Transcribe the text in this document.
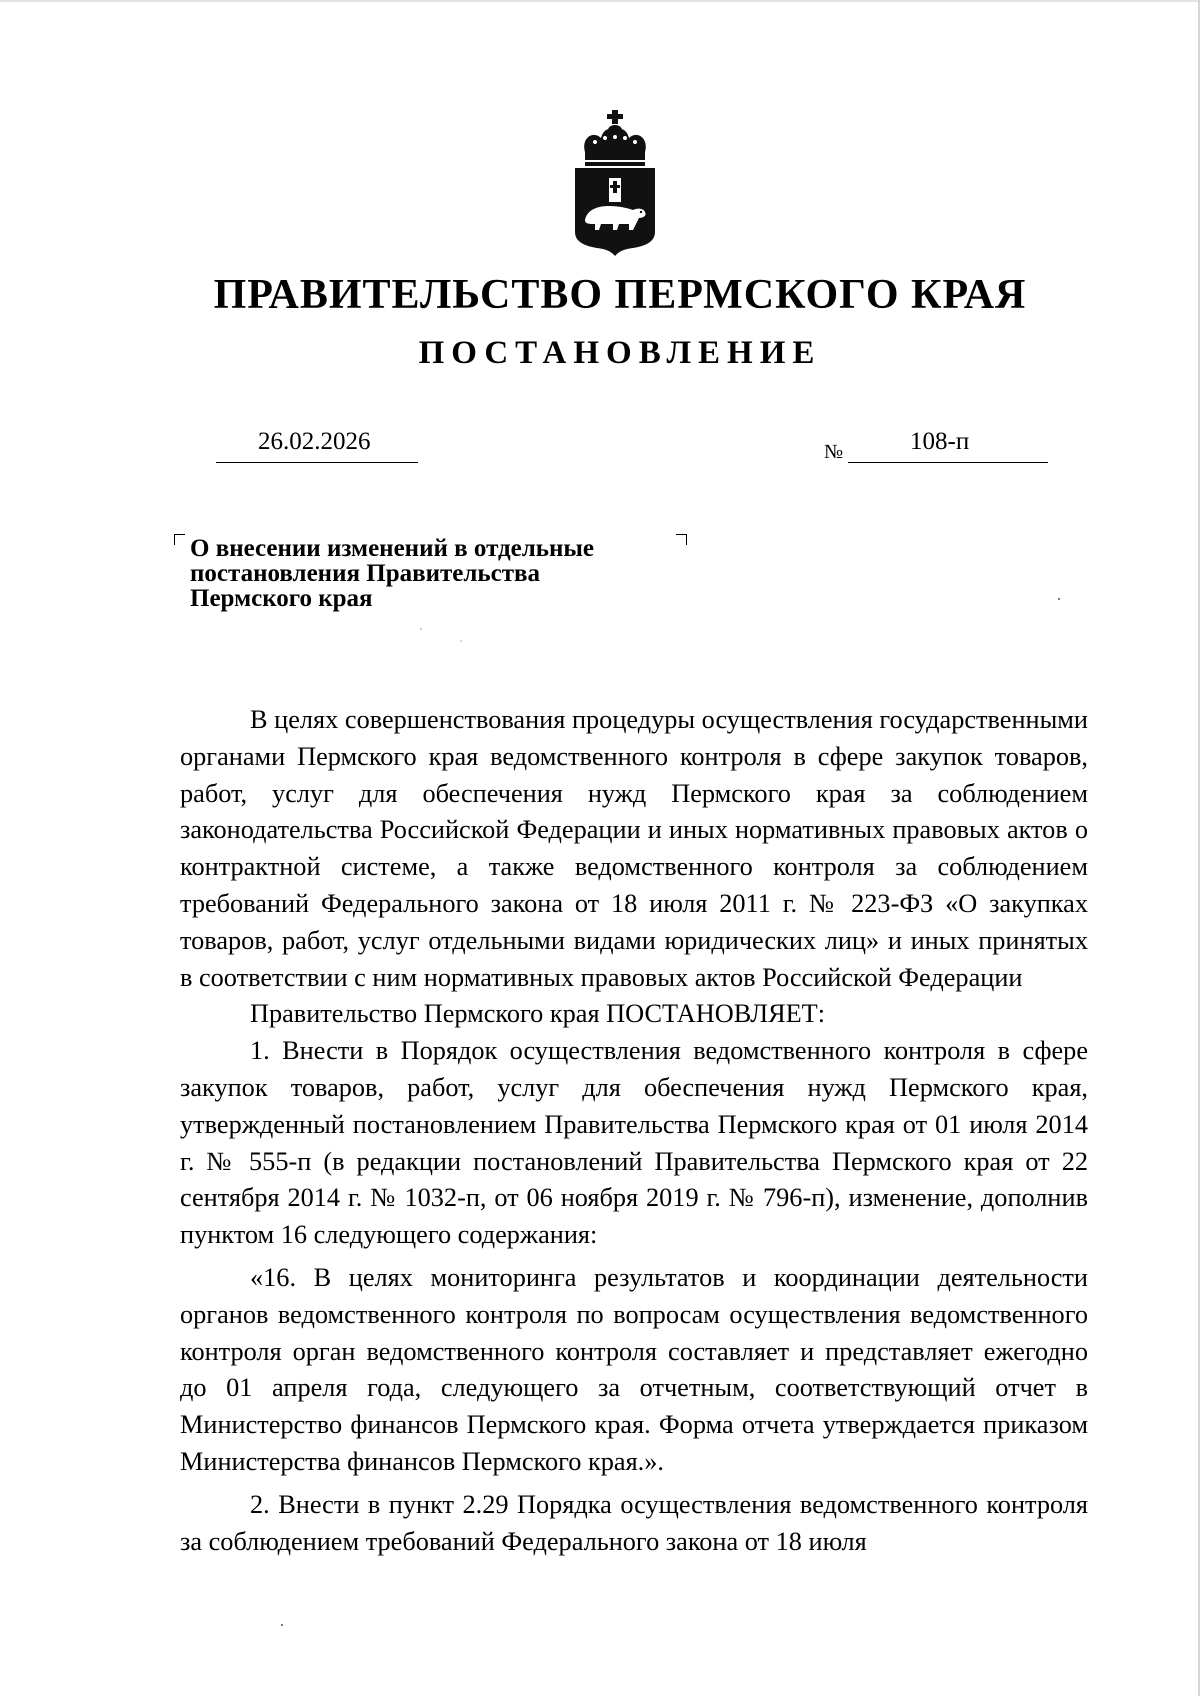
ПРАВИТЕЛЬСТВО ПЕРМСКОГО КРАЯ
ПОСТАНОВЛЕНИЕ
26.02.2026	№	108-п
О внесении изменений в отдельные
постановления Правительства
Пермского края

В целях совершенствования процедуры осуществления государственными органами Пермского края ведомственного контроля в сфере закупок товаров, работ, услуг для обеспечения нужд Пермского края за соблюдением законодательства Российской Федерации и иных нормативных правовых актов о контрактной системе, а также ведомственного контроля за соблюдением требований Федерального закона от 18 июля 2011 г. № 223-ФЗ «О закупках товаров, работ, услуг отдельными видами юридических лиц» и иных принятых в соответствии с ним нормативных правовых актов Российской Федерации

Правительство Пермского края ПОСТАНОВЛЯЕТ:

1. Внести в Порядок осуществления ведомственного контроля в сфере закупок товаров, работ, услуг для обеспечения нужд Пермского края, утвержденный постановлением Правительства Пермского края от 01 июля 2014 г. № 555-п (в редакции постановлений Правительства Пермского края от 22 сентября 2014 г. № 1032-п, от 06 ноября 2019 г. № 796-п), изменение, дополнив пунктом 16 следующего содержания:

«16. В целях мониторинга результатов и координации деятельности органов ведомственного контроля по вопросам осуществления ведомственного контроля орган ведомственного контроля составляет и представляет ежегодно до 01 апреля года, следующего за отчетным, соответствующий отчет в Министерство финансов Пермского края. Форма отчета утверждается приказом Министерства финансов Пермского края.».

2. Внести в пункт 2.29 Порядка осуществления ведомственного контроля за соблюдением требований Федерального закона от 18 июля
